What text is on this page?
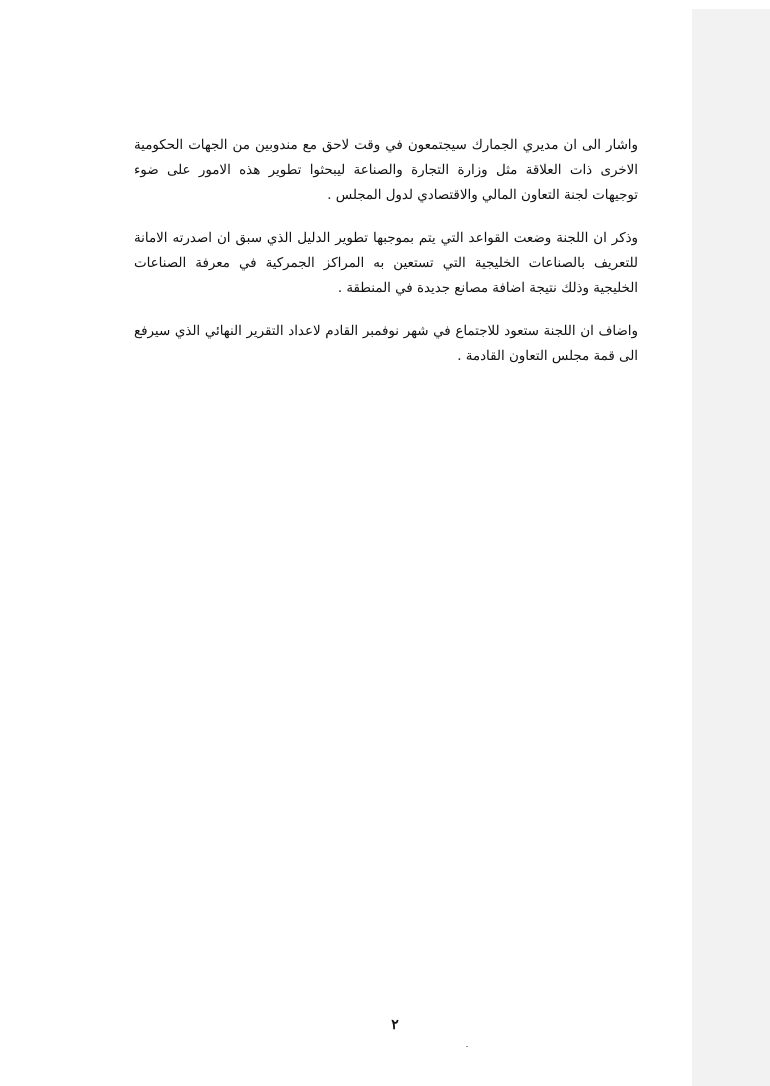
واشار الى ان مديري الجمارك سيجتمعون في وقت لاحق مع مندوبين من الجهات الحكومية الاخرى ذات العلاقة مثل وزارة التجارة والصناعة ليبحثوا تطوير هذه الامور على ضوء توجيهات لجنة التعاون المالي والاقتصادي لدول المجلس .

وذكر ان اللجنة وضعت القواعد التي يتم بموجبها تطوير الدليل الذي سبق ان اصدرته الامانة للتعريف بالصناعات الخليجية التي تستعين به المراكز الجمركية في معرفة الصناعات الخليجية وذلك نتيجة اضافة مصانع جديدة في المنطقة .

واضاف ان اللجنة ستعود للاجتماع في شهر نوفمبر القادم لاعداد التقرير النهائي الذي سيرفع الى قمة مجلس التعاون القادمة .

٢
